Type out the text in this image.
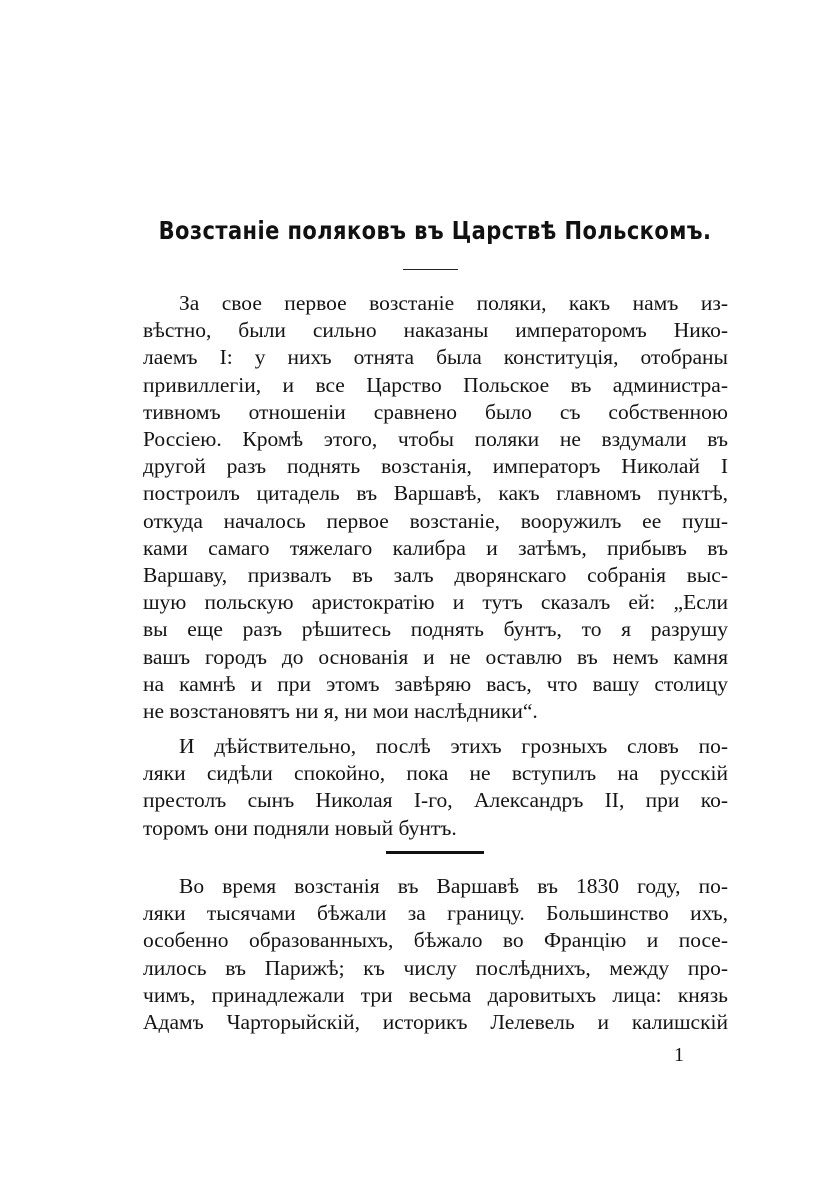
Возстаніе поляковъ въ Царствѣ Польскомъ.
За свое первое возстаніе поляки, какъ намъ из-
вѣстно, были сильно наказаны императоромъ Нико-
лаемъ I: у нихъ отнята была конституція, отобраны
привиллегіи, и все Царство Польское въ администра-
тивномъ отношеніи сравнено было съ собственною
Россіею. Кромѣ этого, чтобы поляки не вздумали въ
другой разъ поднять возстанія, императоръ Николай I
построилъ цитадель въ Варшавѣ, какъ главномъ пунктѣ,
откуда началось первое возстаніе, вооружилъ ее пуш-
ками самаго тяжелаго калибра и затѣмъ, прибывъ въ
Варшаву, призвалъ въ залъ дворянскаго собранія выс-
шую польскую аристократію и тутъ сказалъ ей: „Если
вы еще разъ рѣшитесь поднять бунтъ, то я разрушу
вашъ городъ до основанія и не оставлю въ немъ камня
на камнѣ и при этомъ завѣряю васъ, что вашу столицу
не возстановятъ ни я, ни мои наслѣдники“.
И дѣйствительно, послѣ этихъ грозныхъ словъ по-
ляки сидѣли спокойно, пока не вступилъ на русскій
престолъ сынъ Николая I-го, Александръ II, при ко-
торомъ они подняли новый бунтъ.
Во время возстанія въ Варшавѣ въ 1830 году, по-
ляки тысячами бѣжали за границу. Большинство ихъ,
особенно образованныхъ, бѣжало во Францію и посе-
лилось въ Парижѣ; къ числу послѣднихъ, между про-
чимъ, принадлежали три весьма даровитыхъ лица: князь
Адамъ Чарторыйскій, историкъ Лелевель и калишскій
1
